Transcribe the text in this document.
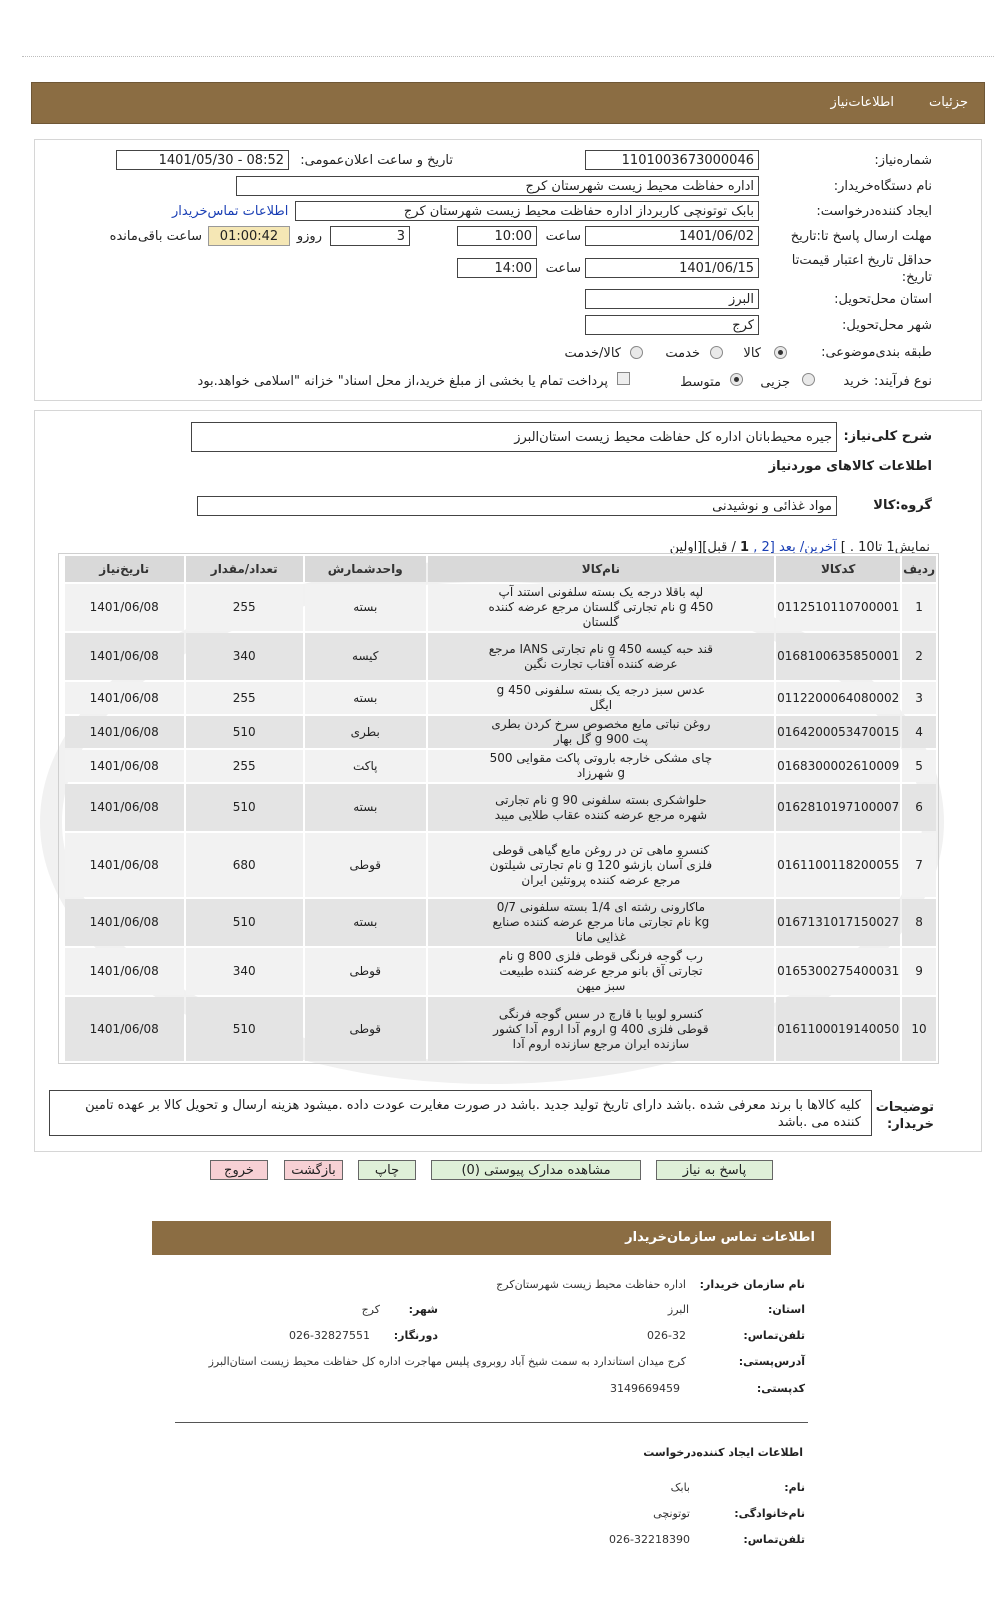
جزئیات
اطلاعات‌نیاز
شماره‌نیاز:
1101003673000046
تاریخ و ساعت اعلان‌عمومی:
1401/05/30 - 08:52
نام دستگاه‌خریدار:
اداره حفاظت محیط زیست شهرستان کرج
ایجاد کننده‌درخواست:
بابک توتونچی کاربرداز اداره حفاظت محیط زیست شهرستان کرج
اطلاعات تماس‌خریدار
مهلت ارسال پاسخ تا:تاریخ
1401/06/02
ساعت
10:00
3
روزو
01:00:42
ساعت باقی‌مانده
حداقل تاریخ اعتبار قیمت‌تا تاریخ:
1401/06/15
ساعت
14:00
استان محل‌تحویل:
البرز
شهر محل‌تحویل:
کرج
طبقه بندی‌موضوعی:
کالا
خدمت
کالا/خدمت
نوع فرآیند:
خرید
جزیی
متوسط
پرداخت تمام یا بخشی از مبلغ خرید،از محل اسناد" خزانه "اسلامی خواهد.بود
شرح کلی‌نیاز:
جیره محیط‌بانان اداره کل حفاظت محیط زیست استان‌البرز
اطلاعات کالاهای موردنیاز
گروه:کالا
مواد غذائی و نوشیدنی
نمایش1 تا10 . ] آخرین/ بعد [2 , 1 / قبل][اولین
ردیف	کدکالا	نام‌کالا	واحدشمارش	تعداد/مقدار	تاریخ‌نیاز
1	0112510110700001	لپه باقلا درجه یک بسته سلفونی استند آپ 450 g نام تجارتی گلستان مرجع عرضه کننده گلستان	بسته	255	1401/06/08
2	0168100635850001	قند حبه کیسه 450 g نام تجارتی IANS مرجع عرضه کننده آفتاب تجارت نگین	کیسه	340	1401/06/08
3	0112200064080002	عدس سبز درجه یک بسته سلفونی 450 g ایگل	بسته	255	1401/06/08
4	0164200053470015	روغن نباتی مایع مخصوص سرخ کردن بطری پت 900 g گل بهار	بطری	510	1401/06/08
5	0168300002610009	چای مشکی خارجه باروتی پاکت مقوایی 500 g شهرزاد	پاکت	255	1401/06/08
6	0162810197100007	حلواشکری بسته سلفونی 90 g نام تجارتی شهره مرجع عرضه کننده عقاب طلایی میبد	بسته	510	1401/06/08
7	0161100118200055	کنسرو ماهی تن در روغن مایع گیاهی قوطی فلزی آسان بازشو 120 g نام تجارتی شیلتون مرجع عرضه کننده پروتئین ایران	قوطی	680	1401/06/08
8	0167131017150027	ماکارونی رشته ای 1/4 بسته سلفونی 0/7 kg نام تجارتی مانا مرجع عرضه کننده صنایع غذایی مانا	بسته	510	1401/06/08
9	0165300275400031	رب گوجه فرنگی قوطی فلزی 800 g نام تجارتی آق بانو مرجع عرضه کننده طبیعت سبز میهن	قوطی	340	1401/06/08
10	0161100019140050	کنسرو لوبیا با قارچ در سس گوجه فرنگی قوطی فلزی 400 g اروم آدا اروم آدا کشور سازنده ایران مرجع سازنده اروم آدا	قوطی	510	1401/06/08
توضیحات خریدار:
کلیه کالاها با برند معرفی شده .باشد دارای تاریخ تولید جدید .باشد در صورت مغایرت عودت داده .میشود هزینه ارسال و تحویل کالا بر عهده تامین کننده می .باشد
پاسخ به نیاز
مشاهده مدارک پیوستی (0)
چاپ
بازگشت
خروج
اطلاعات تماس سازمان‌خریدار
نام سازمان خریدار:
اداره حفاظت محیط زیست شهرستان‌کرج
استان:
البرز
شهر:
کرج
تلفن‌تماس:
026-32
دورنگار:
026-32827551
آدرس‌پستی:
کرج میدان استاندارد به سمت شیخ آباد روبروی پلیس مهاجرت اداره کل حفاظت محیط زیست استان‌البرز
کدپستی:
3149669459
اطلاعات ایجاد کننده‌درخواست
نام:
بابک
نام‌خانوادگی:
توتونچی
تلفن‌تماس:
026-32218390
